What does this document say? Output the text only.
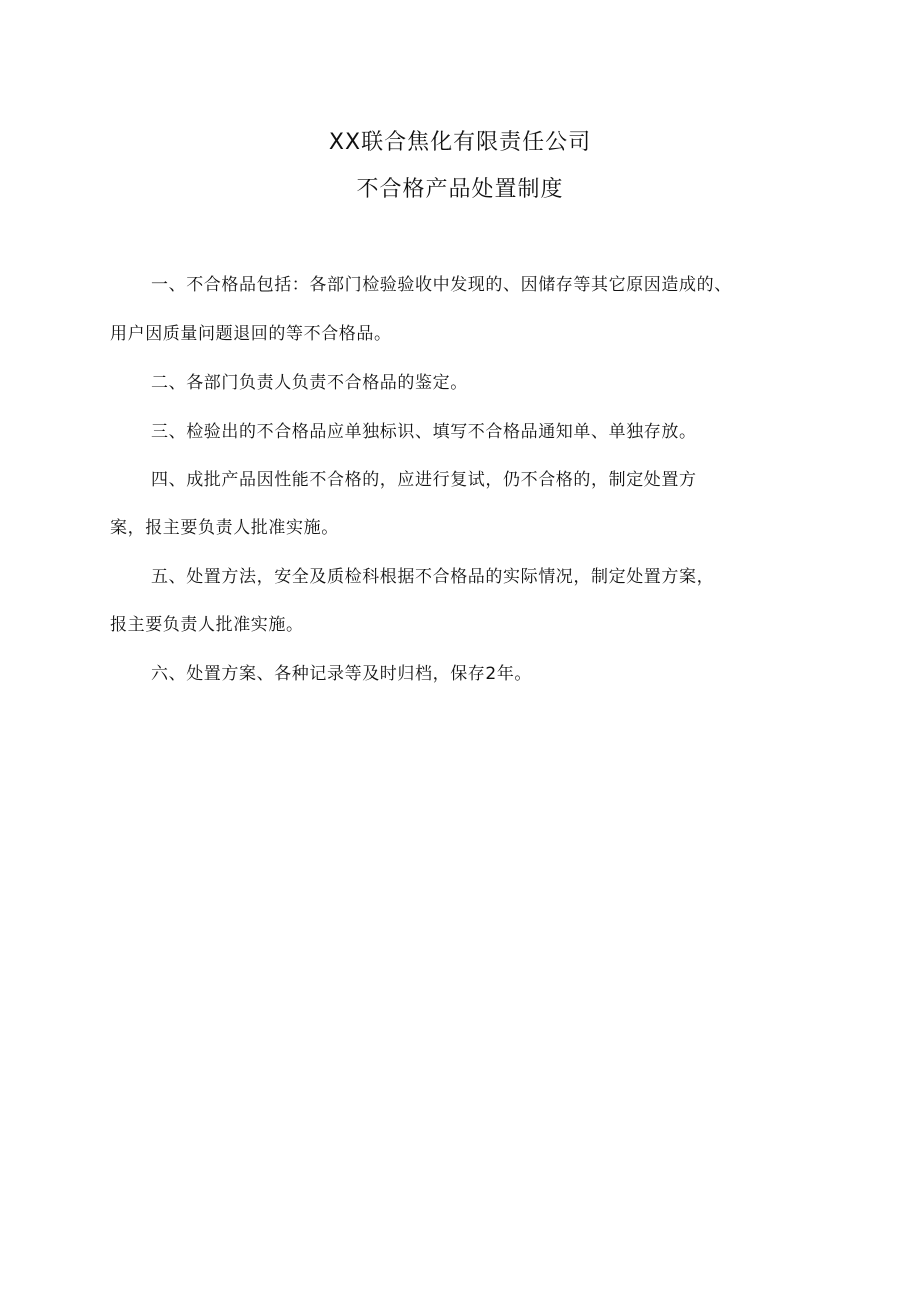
XX联合焦化有限责任公司
不合格产品处置制度
一、不合格品包括：各部门检验验收中发现的、因储存等其它原因造成的、
用户因质量问题退回的等不合格品。
二、各部门负责人负责不合格品的鉴定。
三、检验出的不合格品应单独标识、填写不合格品通知单、单独存放。
四、成批产品因性能不合格的，应进行复试，仍不合格的，制定处置方
案，报主要负责人批准实施。
五、处置方法，安全及质检科根据不合格品的实际情况，制定处置方案，
报主要负责人批准实施。
六、处置方案、各种记录等及时归档，保存2年。
